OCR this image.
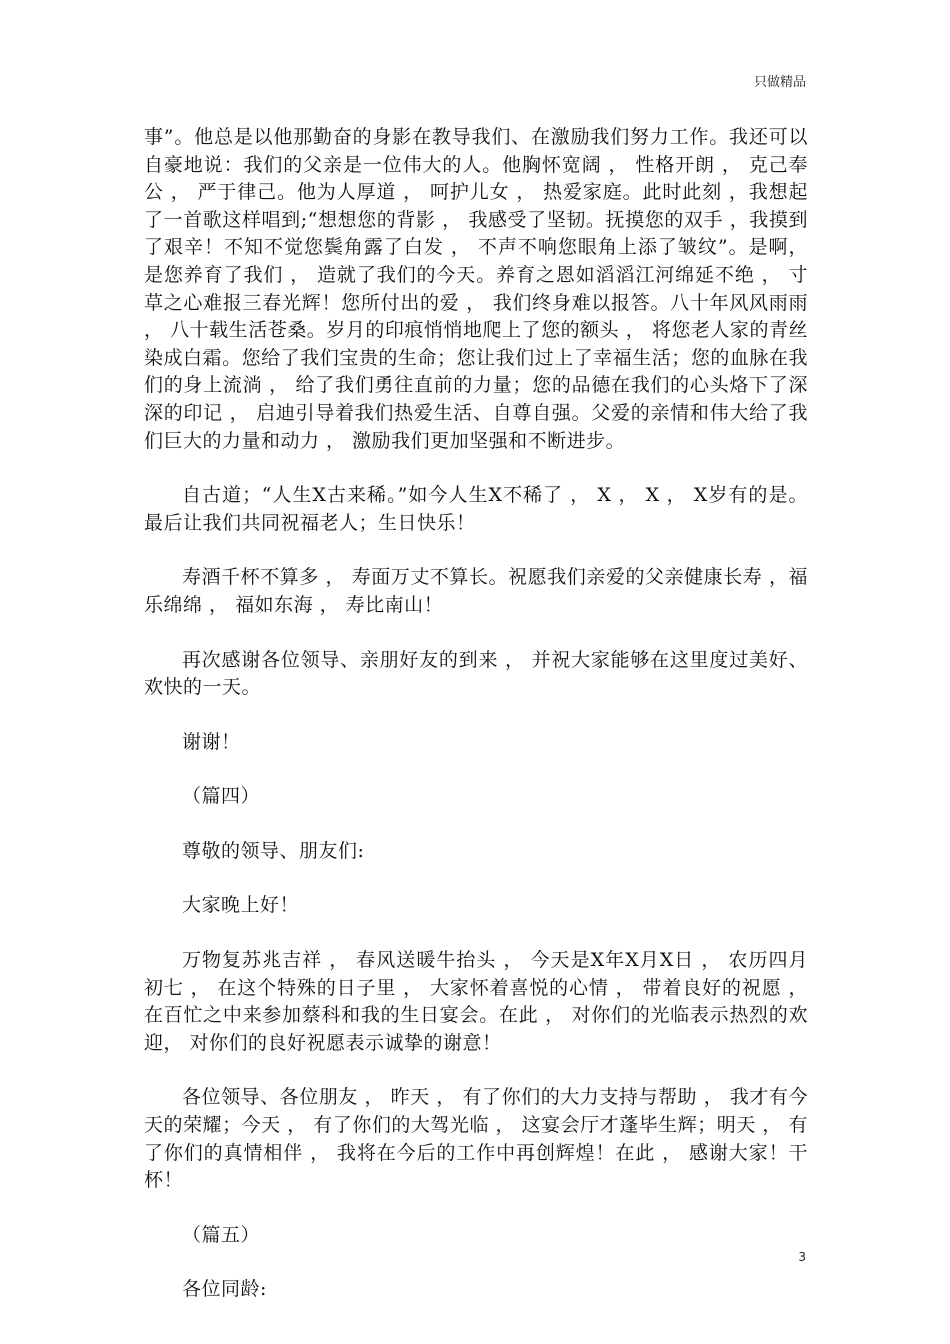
只做精品

事”。他总是以他那勤奋的身影在教导我们、在激励我们努力工作。我还可以自豪地说：我们的父亲是一位伟大的人。他胸怀宽阔 ， 性格开朗 ， 克己奉公 ， 严于律己。他为人厚道 ， 呵护儿女 ， 热爱家庭。此时此刻 ，我想起了一首歌这样唱到;“想想您的背影 ， 我感受了坚韧。抚摸您的双手 ，我摸到了艰辛！不知不觉您鬓角露了白发 ， 不声不响您眼角上添了皱纹”。是啊， 是您养育了我们 ， 造就了我们的今天。养育之恩如滔滔江河绵延不绝 ， 寸草之心难报三春光辉！您所付出的爱 ， 我们终身难以报答。八十年风风雨雨 ， 八十载生活苍桑。岁月的印痕悄悄地爬上了您的额头 ， 将您老人家的青丝染成白霜。您给了我们宝贵的生命；您让我们过上了幸福生活；您的血脉在我们的身上流淌 ， 给了我们勇往直前的力量；您的品德在我们的心头烙下了深深的印记 ， 启迪引导着我们热爱生活、自尊自强。父爱的亲情和伟大给了我们巨大的力量和动力 ， 激励我们更加坚强和不断进步。

自古道；“人生X古来稀。”如今人生X不稀了 ， X ， X ， X岁有的是。最后让我们共同祝福老人；生日快乐！

寿酒千杯不算多 ， 寿面万丈不算长。祝愿我们亲爱的父亲健康长寿 ，福乐绵绵 ， 福如东海 ， 寿比南山！

再次感谢各位领导、亲朋好友的到来 ， 并祝大家能够在这里度过美好、欢快的一天。

谢谢！

（篇四）

尊敬的领导、朋友们:

大家晚上好！

万物复苏兆吉祥 ， 春风送暖牛抬头 ， 今天是X年X月X日 ， 农历四月初七 ， 在这个特殊的日子里 ， 大家怀着喜悦的心情 ， 带着良好的祝愿 ， 在百忙之中来参加蔡科和我的生日宴会。在此 ， 对你们的光临表示热烈的欢迎， 对你们的良好祝愿表示诚挚的谢意！

各位领导、各位朋友 ， 昨天 ， 有了你们的大力支持与帮助 ， 我才有今天的荣耀；今天 ， 有了你们的大驾光临 ， 这宴会厅才蓬毕生辉；明天 ， 有了你们的真情相伴 ， 我将在今后的工作中再创辉煌！在此 ， 感谢大家！干杯！

（篇五）

各位同龄:

3
